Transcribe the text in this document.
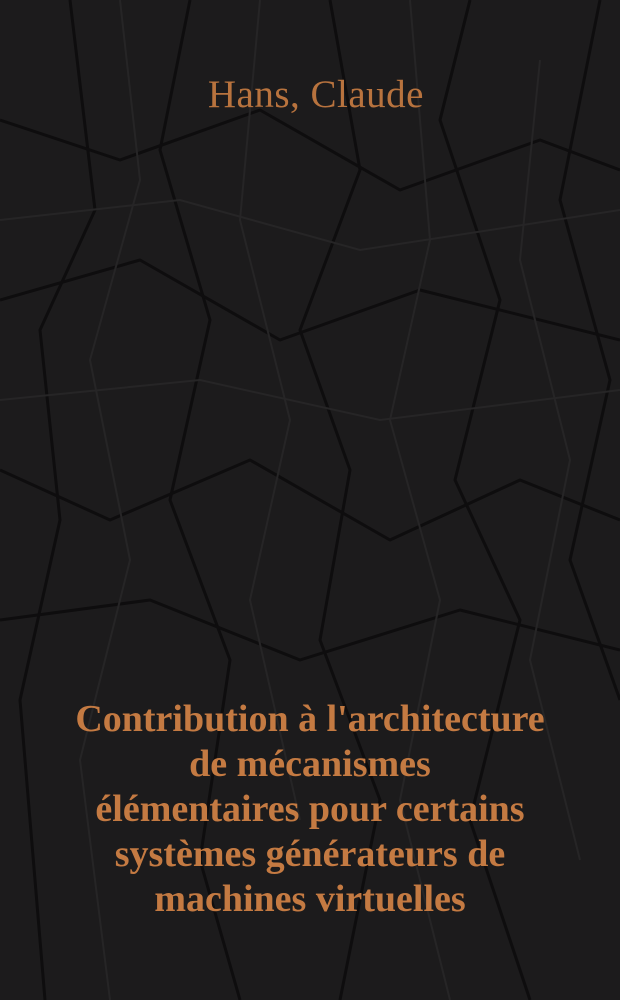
Hans, Claude
Contribution à l'architecture
de mécanismes
élémentaires pour certains
systèmes générateurs de
machines virtuelles
